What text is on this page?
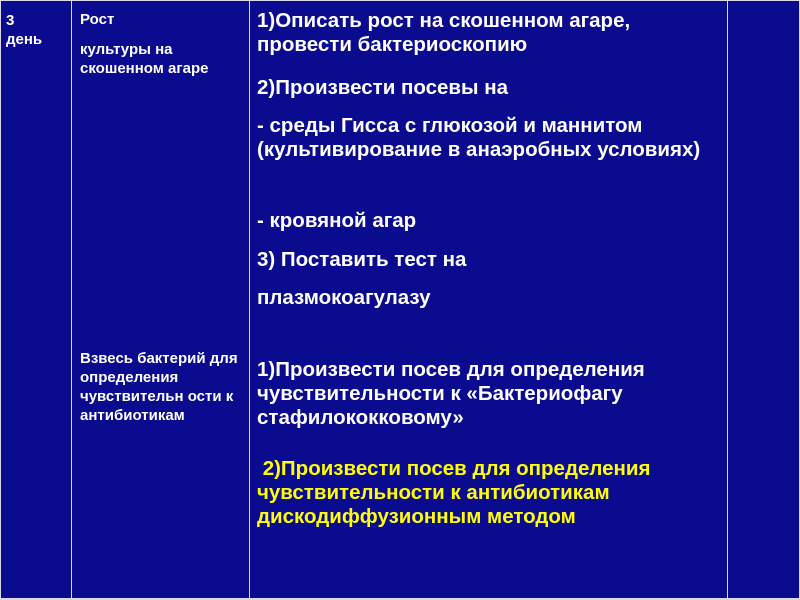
3
день
Рост
культуры на скошенном агаре
Взвесь бактерий для определения чувствительн ости к антибиотикам
1)Описать рост на скошенном агаре, провести бактериоскопию
2)Произвести посевы на
- среды Гисса с глюкозой и маннитом (культивирование в анаэробных условиях)
- кровяной агар
3) Поставить тест на
плазмокоагулазу
1)Произвести посев для определения чувствительности к «Бактериофагу стафилококковому»
2)Произвести посев для определения  чувствительности к антибиотикам дискодиффузионным методом
